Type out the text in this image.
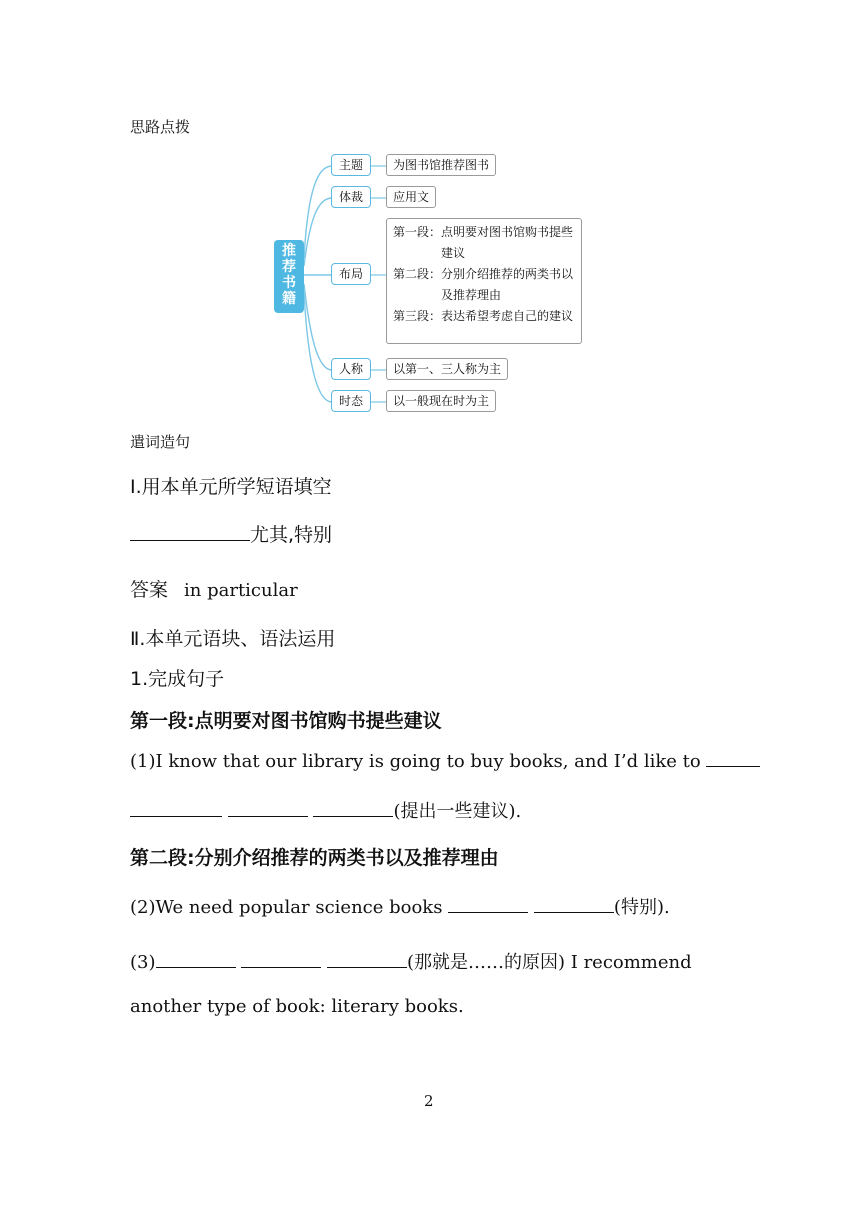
思路点拨
推
荐
书
籍
主题	为图书馆推荐图书
体裁	应用文
布局
第一段： 点明要对图书馆购书提些建议
第二段： 分别介绍推荐的两类书以及推荐理由
第三段： 表达希望考虑自己的建议
人称	以第一、三人称为主
时态	以一般现在时为主
遣词造句
Ⅰ.用本单元所学短语填空
尤其,特别
答案 in particular
Ⅱ.本单元语块、语法运用
1.完成句子
第一段:点明要对图书馆购书提些建议
(1)I know that our library is going to buy books, and I’d like to
(提出一些建议).
第二段:分别介绍推荐的两类书以及推荐理由
(2)We need popular science books	(特别).
(3)	(那就是……的原因) I recommend
another type of book: literary books.
2
